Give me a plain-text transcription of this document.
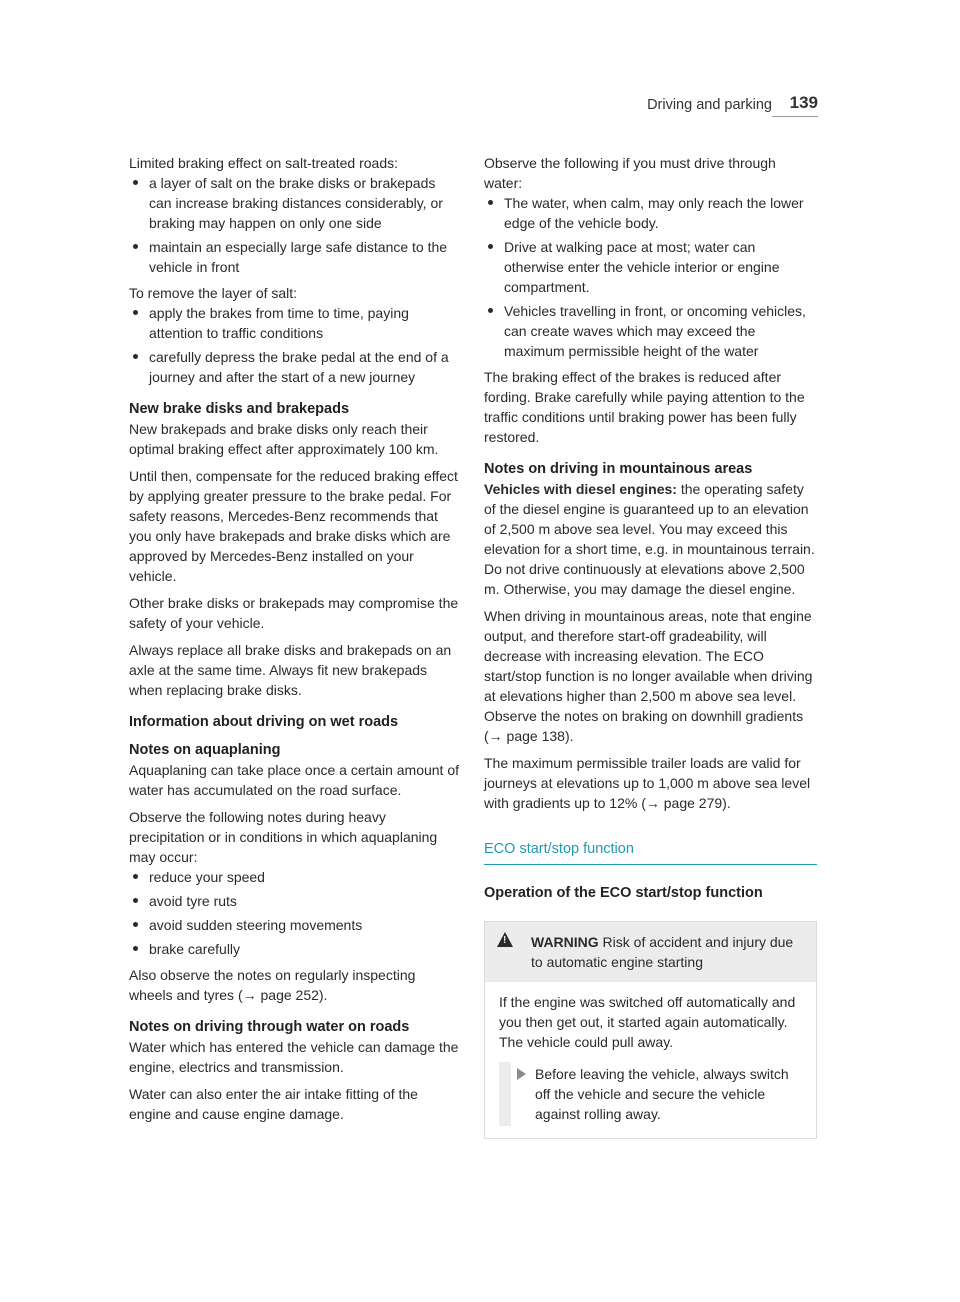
Driving and parking 139

Limited braking effect on salt-treated roads:

a layer of salt on the brake disks or brakepads can increase braking distances considerably, or braking may happen on only one side
maintain an especially large safe distance to the vehicle in front

To remove the layer of salt:

apply the brakes from time to time, paying attention to traffic conditions
carefully depress the brake pedal at the end of a journey and after the start of a new journey
New brake disks and brakepads

New brakepads and brake disks only reach their optimal braking effect after approximately 100 km.

Until then, compensate for the reduced braking effect by applying greater pressure to the brake pedal. For safety reasons, Mercedes-Benz recommends that you only have brakepads and brake disks which are approved by Mercedes-Benz installed on your vehicle.

Other brake disks or brakepads may compromise the safety of your vehicle.

Always replace all brake disks and brakepads on an axle at the same time. Always fit new brakepads when replacing brake disks.

Information about driving on wet roads
Notes on aquaplaning

Aquaplaning can take place once a certain amount of water has accumulated on the road surface.

Observe the following notes during heavy precipitation or in conditions in which aquaplaning may occur:

reduce your speed
avoid tyre ruts
avoid sudden steering movements
brake carefully

Also observe the notes on regularly inspecting wheels and tyres (→ page 252).

Notes on driving through water on roads

Water which has entered the vehicle can damage the engine, electrics and transmission.

Water can also enter the air intake fitting of the engine and cause engine damage.

Observe the following if you must drive through water:

The water, when calm, may only reach the lower edge of the vehicle body.
Drive at walking pace at most; water can otherwise enter the vehicle interior or engine compartment.
Vehicles travelling in front, or oncoming vehicles, can create waves which may exceed the maximum permissible height of the water

The braking effect of the brakes is reduced after fording. Brake carefully while paying attention to the traffic conditions until braking power has been fully restored.

Notes on driving in mountainous areas

Vehicles with diesel engines: the operating safety of the diesel engine is guaranteed up to an elevation of 2,500 m above sea level. You may exceed this elevation for a short time, e.g. in mountainous terrain. Do not drive continuously at elevations above 2,500 m. Otherwise, you may damage the diesel engine.

When driving in mountainous areas, note that engine output, and therefore start-off gradeability, will decrease with increasing elevation. The ECO start/stop function is no longer available when driving at elevations higher than 2,500 m above sea level. Observe the notes on braking on downhill gradients (→ page 138).

The maximum permissible trailer loads are valid for journeys at elevations up to 1,000 m above sea level with gradients up to 12% (→ page 279).

ECO start/stop function
Operation of the ECO start/stop function
!
WARNING Risk of accident and injury due to automatic engine starting
If the engine was switched off automatically and you then get out, it started again automatically. The vehicle could pull away.
Before leaving the vehicle, always switch off the vehicle and secure the vehicle against rolling away.
